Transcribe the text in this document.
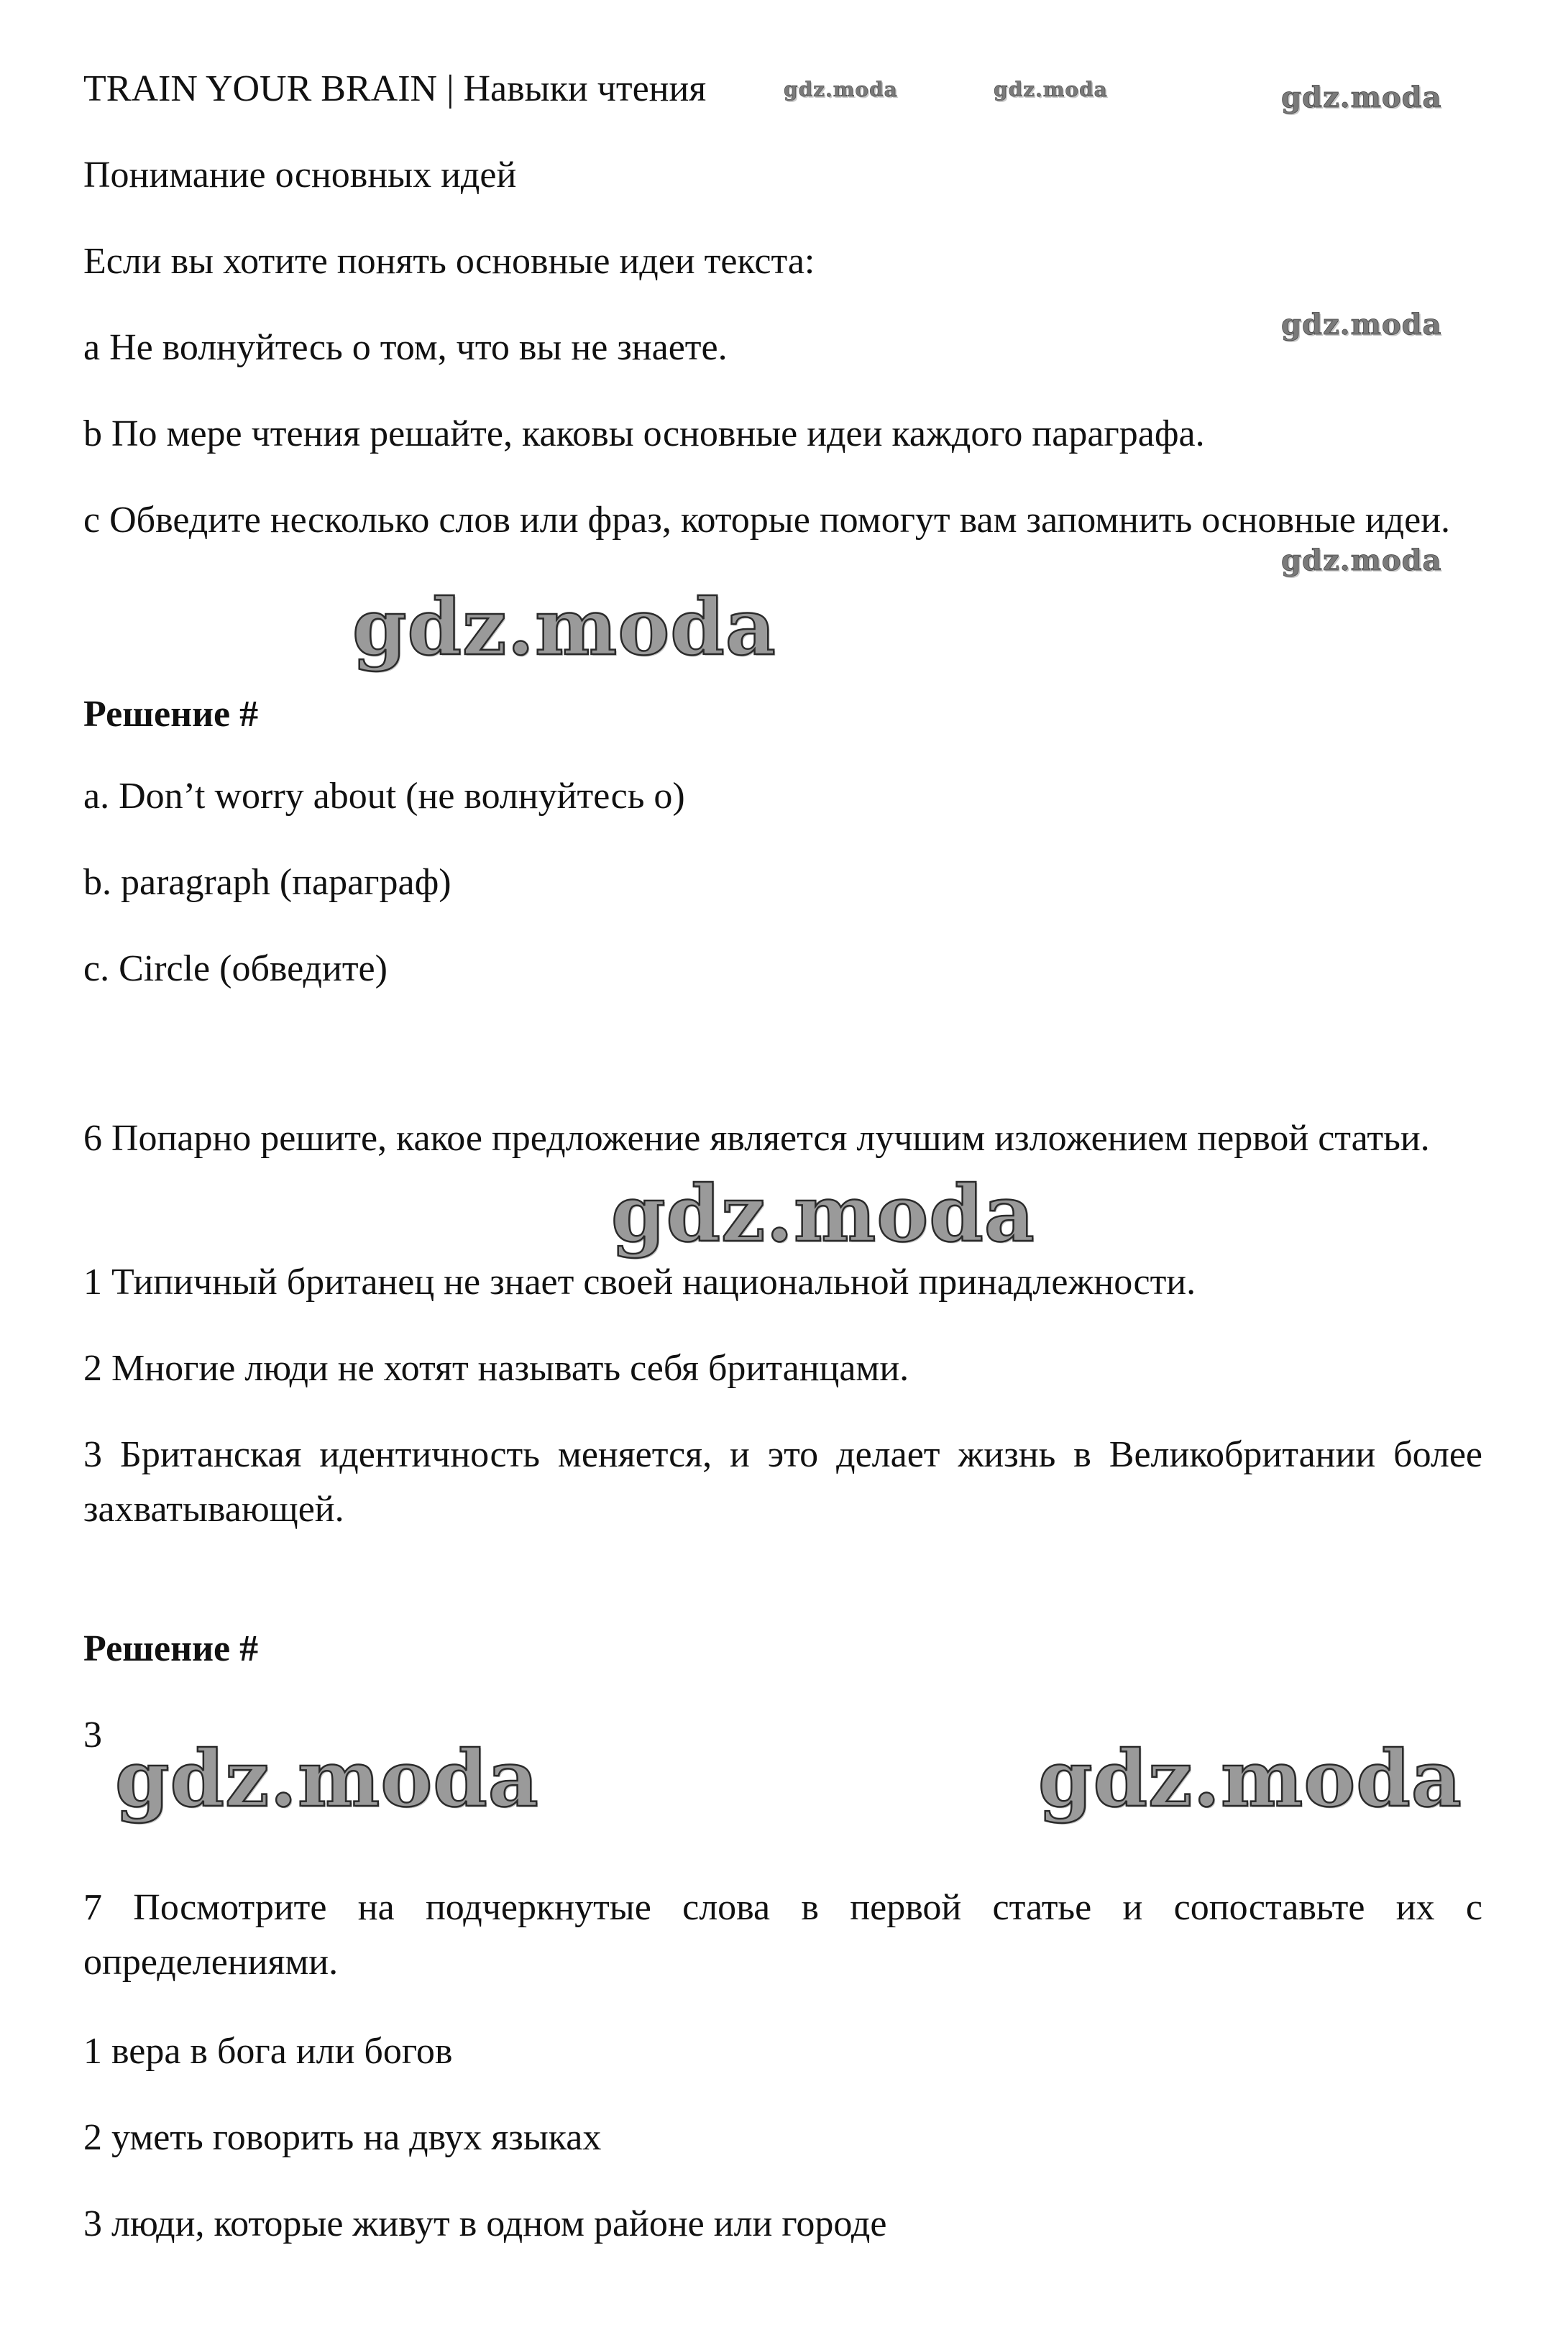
TRAIN YOUR BRAIN | Навыки чтения
Понимание основных идей
Если вы хотите понять основные идеи текста:
a Не волнуйтесь о том, что вы не знаете.
b По мере чтения решайте, каковы основные идеи каждого параграфа.
c Обведите несколько слов или фраз, которые помогут вам запомнить основные идеи.
Решение #
a. Don’t worry about (не волнуйтесь о)
b. paragraph (параграф)
c. Circle (обведите)
6 Попарно решите, какое предложение является лучшим изложением первой статьи.
1 Типичный британец не знает своей национальной принадлежности.
2 Многие люди не хотят называть себя британцами.
3 Британская идентичность меняется, и это делает жизнь в Великобритании более захватывающей.
Решение #
3
7 Посмотрите на подчеркнутые слова в первой статье и сопоставьте их с определениями.
1 вера в бога или богов
2 уметь говорить на двух языках
3 люди, которые живут в одном районе или городе
gdz.moda	gdz.moda	gdz.moda
gdz.moda
gdz.moda
gdz.moda
gdz.moda
gdz.moda	gdz.moda
